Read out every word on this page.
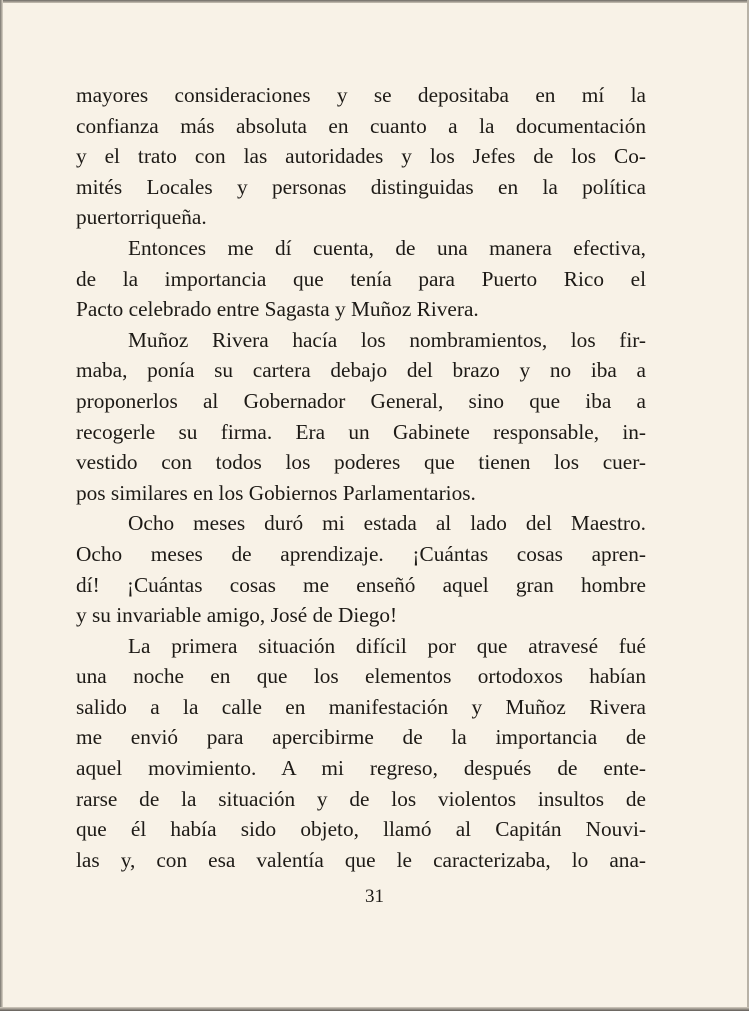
mayores consideraciones y se depositaba en mí la
confianza más absoluta en cuanto a la documentación
y el trato con las autoridades y los Jefes de los Co-
mités Locales y personas distinguidas en la política
puertorriqueña.
Entonces me dí cuenta, de una manera efectiva,
de la importancia que tenía para Puerto Rico el
Pacto celebrado entre Sagasta y Muñoz Rivera.
Muñoz Rivera hacía los nombramientos, los fir-
maba, ponía su cartera debajo del brazo y no iba a
proponerlos al Gobernador General, sino que iba a
recogerle su firma. Era un Gabinete responsable, in-
vestido con todos los poderes que tienen los cuer-
pos similares en los Gobiernos Parlamentarios.
Ocho meses duró mi estada al lado del Maestro.
Ocho meses de aprendizaje. ¡Cuántas cosas apren-
dí! ¡Cuántas cosas me enseñó aquel gran hombre
y su invariable amigo, José de Diego!
La primera situación difícil por que atravesé fué
una noche en que los elementos ortodoxos habían
salido a la calle en manifestación y Muñoz Rivera
me envió para apercibirme de la importancia de
aquel movimiento. A mi regreso, después de ente-
rarse de la situación y de los violentos insultos de
que él había sido objeto, llamó al Capitán Nouvi-
las y, con esa valentía que le caracterizaba, lo ana-
31
